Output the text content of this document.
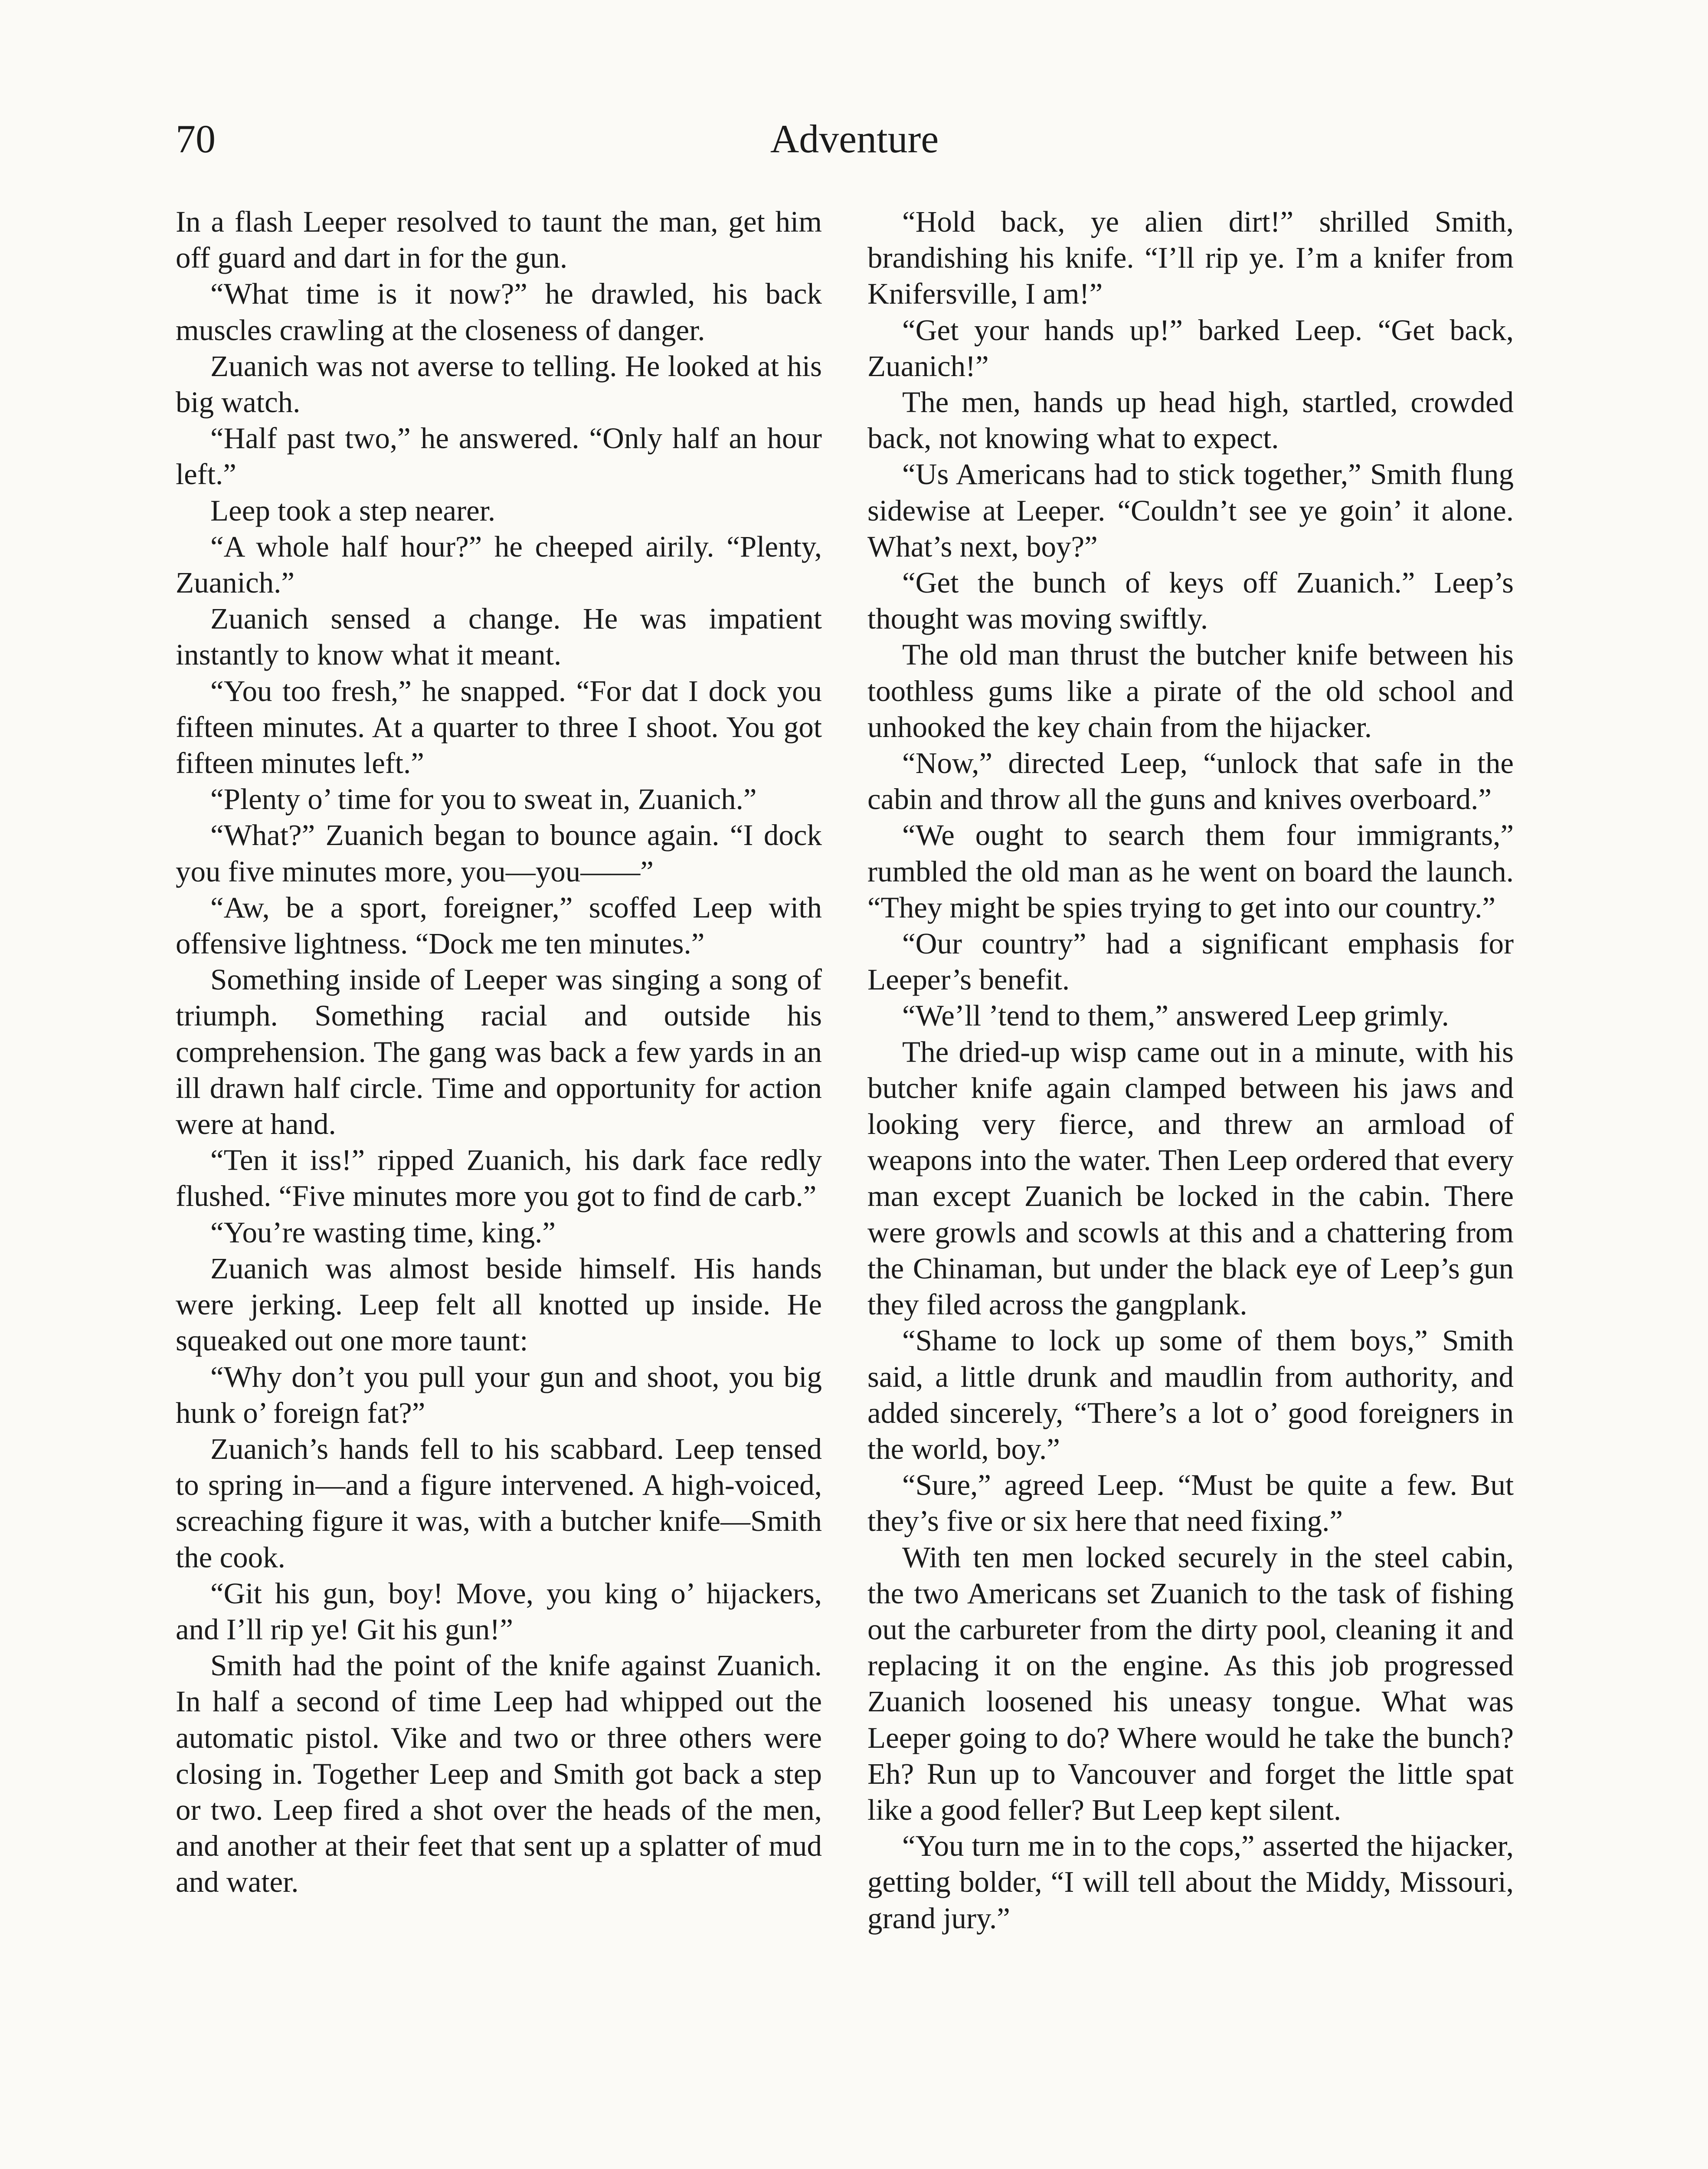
70	Adventure

In a flash Leeper resolved to taunt the man, get him off guard and dart in for the gun.

“What time is it now?” he drawled, his back muscles crawling at the closeness of danger.

Zuanich was not averse to telling. He looked at his big watch.

“Half past two,” he answered. “Only half an hour left.”

Leep took a step nearer.

“A whole half hour?” he cheeped airily. “Plenty, Zuanich.”

Zuanich sensed a change. He was impatient instantly to know what it meant.

“You too fresh,” he snapped. “For dat I dock you fifteen minutes. At a quarter to three I shoot. You got fifteen minutes left.”

“Plenty o’ time for you to sweat in, Zuanich.”

“What?” Zuanich began to bounce again. “I dock you five minutes more, you—you——”

“Aw, be a sport, foreigner,” scoffed Leep with offensive lightness. “Dock me ten minutes.”

Something inside of Leeper was singing a song of triumph. Something racial and outside his comprehension. The gang was back a few yards in an ill drawn half circle. Time and opportunity for action were at hand.

“Ten it iss!” ripped Zuanich, his dark face redly flushed. “Five minutes more you got to find de carb.”

“You’re wasting time, king.”

Zuanich was almost beside himself. His hands were jerking. Leep felt all knotted up inside. He squeaked out one more taunt:

“Why don’t you pull your gun and shoot, you big hunk o’ foreign fat?”

Zuanich’s hands fell to his scabbard. Leep tensed to spring in—and a figure intervened. A high-voiced, screaching figure it was, with a butcher knife—Smith the cook.

“Git his gun, boy! Move, you king o’ hijackers, and I’ll rip ye! Git his gun!”

Smith had the point of the knife against Zuanich. In half a second of time Leep had whipped out the automatic pistol. Vike and two or three others were closing in. Together Leep and Smith got back a step or two. Leep fired a shot over the heads of the men, and another at their feet that sent up a splatter of mud and water.

“Hold back, ye alien dirt!” shrilled Smith, brandishing his knife. “I’ll rip ye. I’m a knifer from Knifersville, I am!”

“Get your hands up!” barked Leep. “Get back, Zuanich!”

The men, hands up head high, startled, crowded back, not knowing what to expect.

“Us Americans had to stick together,” Smith flung sidewise at Leeper. “Couldn’t see ye goin’ it alone. What’s next, boy?”

“Get the bunch of keys off Zuanich.” Leep’s thought was moving swiftly.

The old man thrust the butcher knife between his toothless gums like a pirate of the old school and unhooked the key chain from the hijacker.

“Now,” directed Leep, “unlock that safe in the cabin and throw all the guns and knives overboard.”

“We ought to search them four immigrants,” rumbled the old man as he went on board the launch. “They might be spies trying to get into our country.”

“Our country” had a significant emphasis for Leeper’s benefit.

“We’ll ’tend to them,” answered Leep grimly.

The dried-up wisp came out in a minute, with his butcher knife again clamped between his jaws and looking very fierce, and threw an armload of weapons into the water. Then Leep ordered that every man except Zuanich be locked in the cabin. There were growls and scowls at this and a chattering from the Chinaman, but under the black eye of Leep’s gun they filed across the gangplank.

“Shame to lock up some of them boys,” Smith said, a little drunk and maudlin from authority, and added sincerely, “There’s a lot o’ good foreigners in the world, boy.”

“Sure,” agreed Leep. “Must be quite a few. But they’s five or six here that need fixing.”

With ten men locked securely in the steel cabin, the two Americans set Zuanich to the task of fishing out the carbureter from the dirty pool, cleaning it and replacing it on the engine. As this job progressed Zuanich loosened his uneasy tongue. What was Leeper going to do? Where would he take the bunch? Eh? Run up to Vancouver and forget the little spat like a good feller? But Leep kept silent.

“You turn me in to the cops,” asserted the hijacker, getting bolder, “I will tell about the Middy, Missouri, grand jury.”
